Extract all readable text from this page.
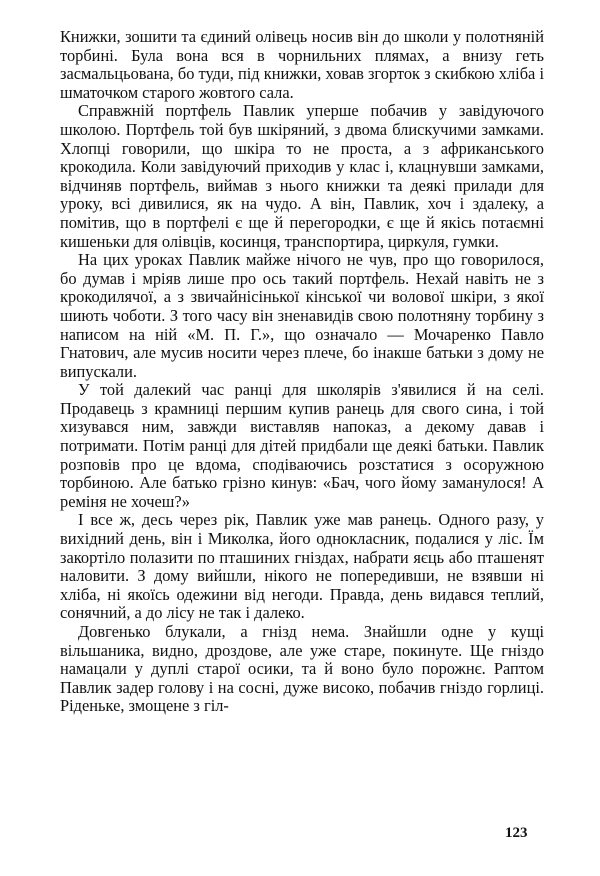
Книжки, зошити та єдиний олівець носив він до школи у полотняній торбині. Була вона вся в чорнильних плямах, а внизу геть засмальцьована, бо туди, під книжки, ховав згорток з скибкою хліба і шматочком старого жовтого сала.

Справжній портфель Павлик уперше побачив у завідуючого школою. Портфель той був шкіряний, з двома блискучими замками. Хлопці говорили, що шкіра то не проста, а з африканського крокодила. Коли завідуючий приходив у клас і, клацнувши замками, відчиняв портфель, виймав з нього книжки та деякі прилади для уроку, всі дивилися, як на чудо. А він, Павлик, хоч і здалеку, а помітив, що в портфелі є ще й перегородки, є ще й якісь потаємні кишеньки для олівців, косинця, транспортира, циркуля, гумки.

На цих уроках Павлик майже нічого не чув, про що говорилося, бо думав і мріяв лише про ось такий портфель. Нехай навіть не з крокодилячої, а з звичайнісінької кінської чи волової шкіри, з якої шиють чоботи. З того часу він зненавидів свою полотняну торбину з написом на ній «М. П. Г.», що означало — Мочаренко Павло Гнатович, але мусив носити через плече, бо інакше батьки з дому не випускали.

У той далекий час ранці для школярів з'явилися й на селі. Продавець з крамниці першим купив ранець для свого сина, і той хизувався ним, завжди виставляв напоказ, а декому давав і потримати. Потім ранці для дітей придбали ще деякі батьки. Павлик розповів про це вдома, сподіваючись розстатися з осоружною торбиною. Але батько грізно кинув: «Бач, чого йому заманулося! А реміня не хочеш?»

І все ж, десь через рік, Павлик уже мав ранець. Одного разу, у вихідний день, він і Миколка, його однокласник, подалися у ліс. Їм закортіло полазити по пташиних гніздах, набрати яєць або пташенят наловити. З дому вийшли, нікого не попередивши, не взявши ні хліба, ні якоїсь одежини від негоди. Правда, день видався теплий, сонячний, а до лісу не так і далеко.

Довгенько блукали, а гнізд нема. Знайшли одне у кущі вільшаника, видно, дроздове, але уже старе, покинуте. Ще гніздо намацали у дуплі старої осики, та й воно було порожнє. Раптом Павлик задер голову і на сосні, дуже високо, побачив гніздо горлиці. Ріденьке, змощене з гіл-

123
